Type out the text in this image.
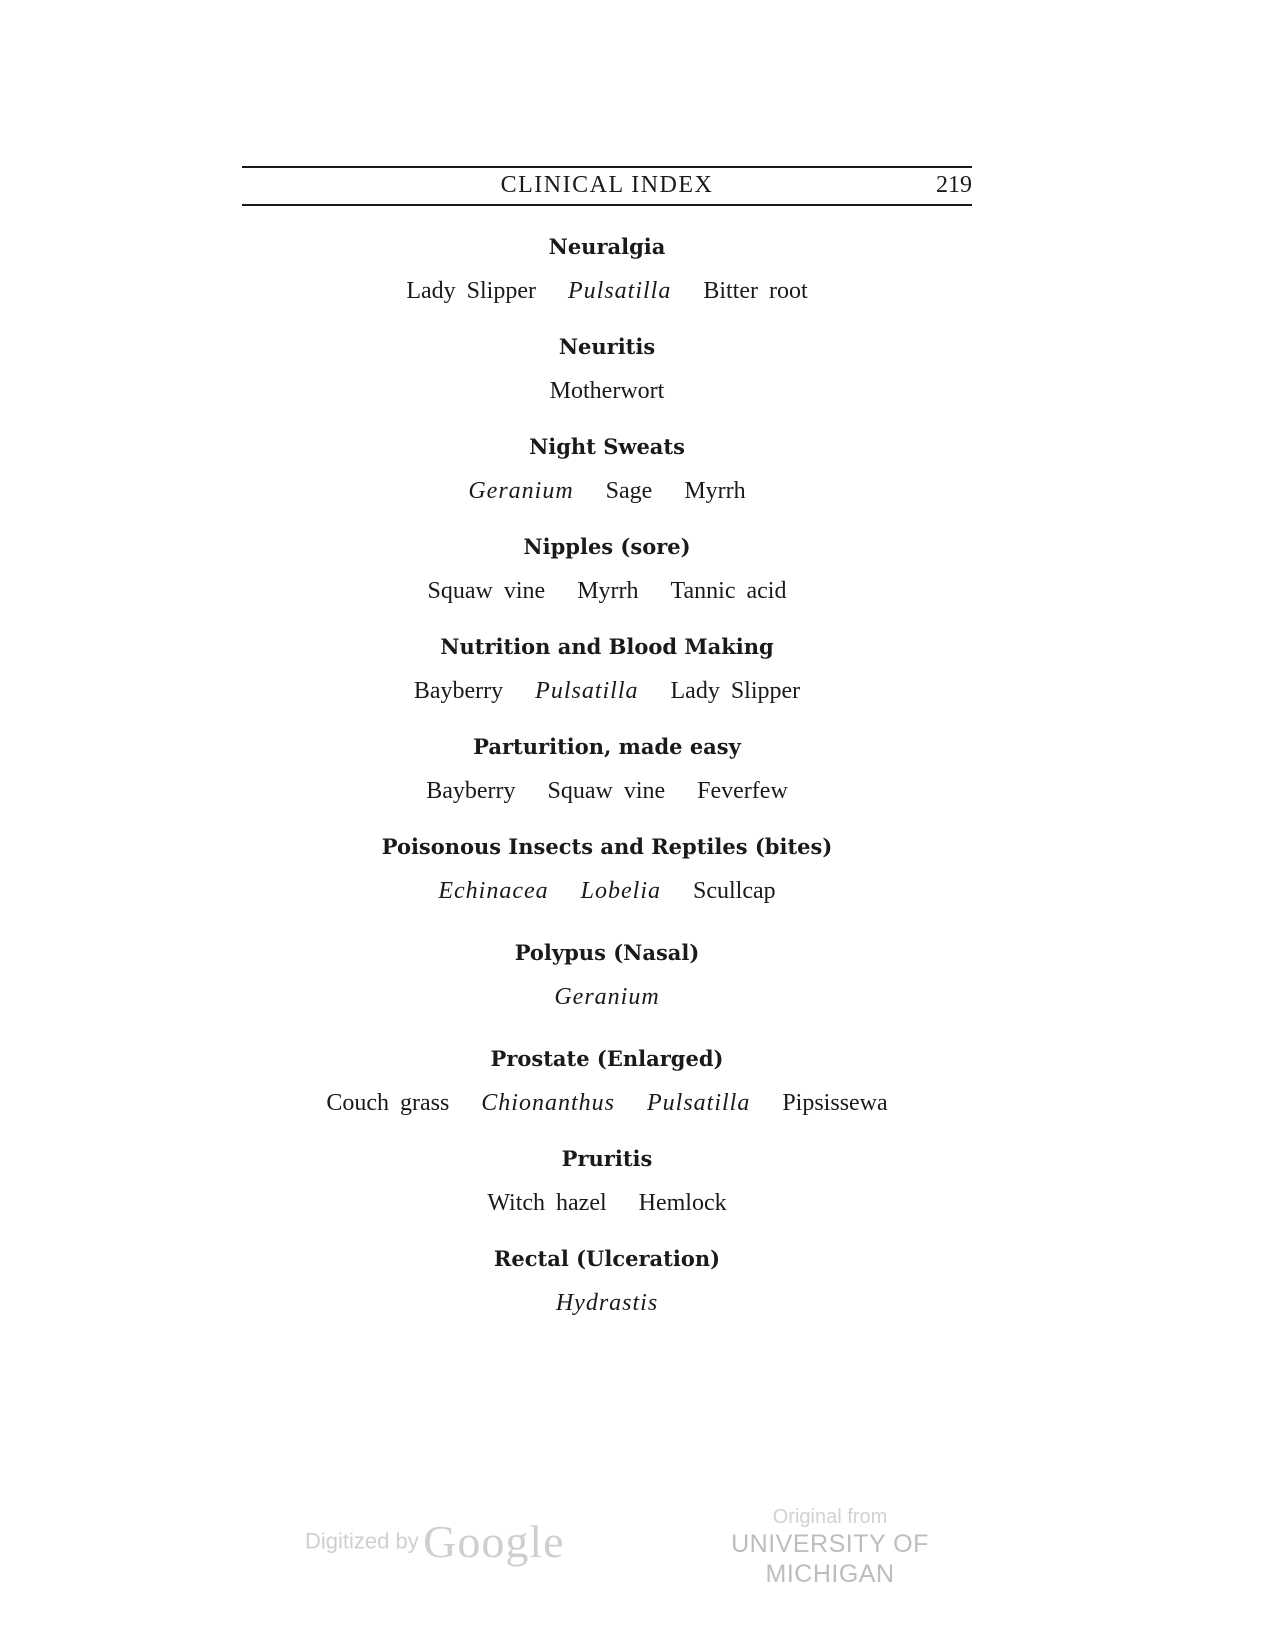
CLINICAL INDEX	219
Neuralgia
Lady Slipper Pulsatilla Bitter root
Neuritis
Motherwort
Night Sweats
Geranium Sage Myrrh
Nipples (sore)
Squaw vine Myrrh Tannic acid
Nutrition and Blood Making
Bayberry Pulsatilla Lady Slipper
Parturition, made easy
Bayberry Squaw vine Feverfew
Poisonous Insects and Reptiles (bites)
Echinacea Lobelia Scullcap
Polypus (Nasal)
Geranium
Prostate (Enlarged)
Couch grass Chionanthus Pulsatilla Pipsissewa
Pruritis
Witch hazel Hemlock
Rectal (Ulceration)
Hydrastis
Digitized by Google	Original from
UNIVERSITY OF MICHIGAN
